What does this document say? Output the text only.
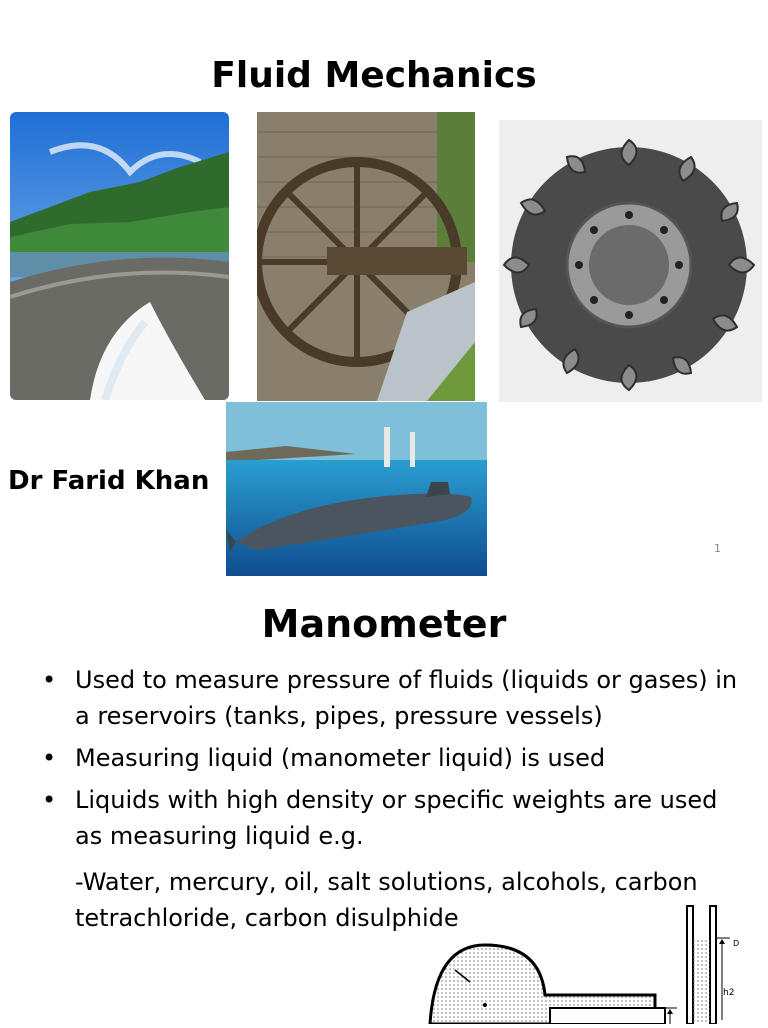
Fluid Mechanics
Dr Farid Khan
1
Manometer
• Used to measure pressure of fluids (liquids or gases) in a reservoirs (tanks, pipes, pressure vessels)
• Measuring liquid (manometer liquid) is used
• Liquids with high density or specific weights are used as measuring liquid e.g.
-Water, mercury, oil, salt solutions, alcohols, carbon tetrachloride, carbon disulphide
D
h2
